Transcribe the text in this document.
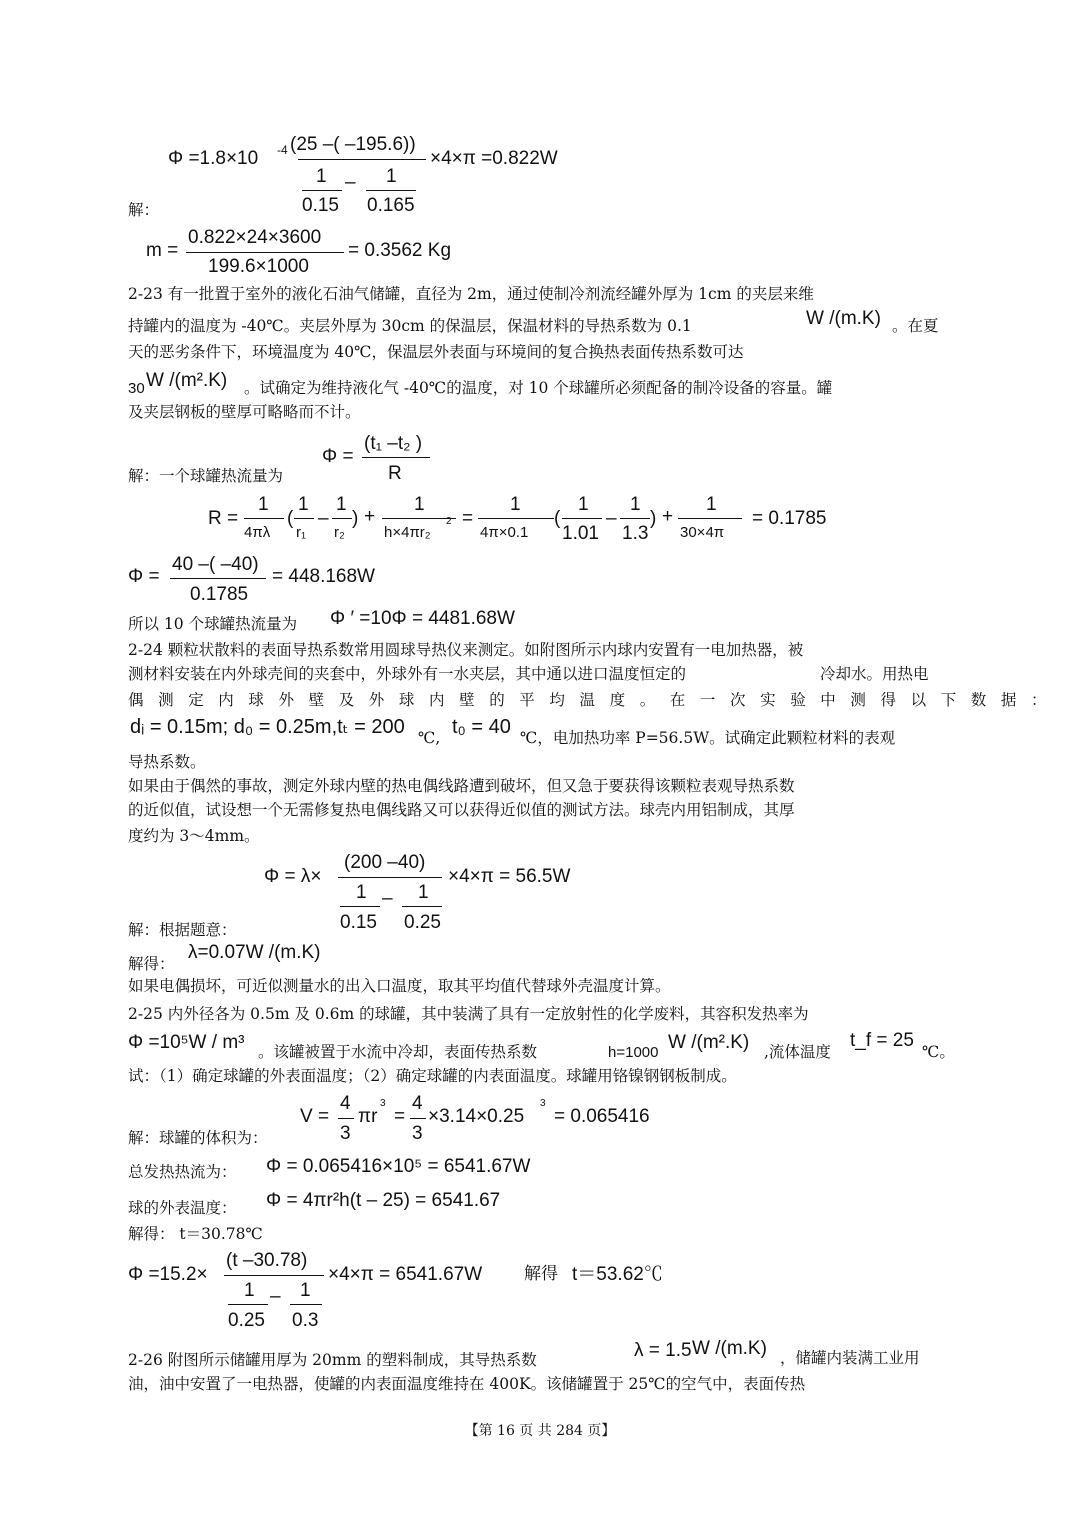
Φ =1.8×10 -4 (25 –( –195.6))
1
0.15
– 1
0.165
×4×π =0.822W
解：
m =
0.822×24×3600
199.6×1000
= 0.3562 Kg
2-23 有一批置于室外的液化石油气储罐，直径为 2m，通过使制冷剂流经罐外厚为 1cm 的夹层来维
持罐内的温度为 -40℃。夹层外厚为 30cm 的保温层，保温材料的导热系数为 0.1	W /(m.K) 。在夏
天的恶劣条件下，环境温度为 40℃，保温层外表面与环境间的复合换热表面传热系数可达
30 W /(m².K) 。试确定为维持液化气 -40℃的温度，对 10 个球罐所必须配备的制冷设备的容量。罐
及夹层钢板的壁厚可略略而不计。
解：一个球罐热流量为
Φ =
(t₁ –t₂ )
R
R =
1
4πλ
(
1
r₁
–
1
r₂
) +
1
h×4πr₂
2 =
1
4π×0.1
(
1
1.01
–
1
1.3
) +
1
30×4π
= 0.1785
Φ =
40 –( –40)
0.1785
= 448.168W
所以 10 个球罐热流量为 Φ ′ =10Φ = 4481.68W
2-24 颗粒状散料的表面导热系数常用圆球导热仪来测定。如附图所示内球内安置有一电加热器，被
测材料安装在内外球壳间的夹套中，外球外有一水夹层，其中通以进口温度恒定的	冷却水。用热电
偶测定内球外壁及外球内壁的平均温度。在一次实验中测得以下数据：
dᵢ = 0.15m; d₀ = 0.25m,tₜ = 200 ℃, t₀ = 40 ℃，电加热功率 P=56.5W。试确定此颗粒材料的表观
导热系数。
如果由于偶然的事故，测定外球内壁的热电偶线路遭到破坏，但又急于要获得该颗粒表观导热系数
的近似值，试设想一个无需修复热电偶线路又可以获得近似值的测试方法。球壳内用铝制成，其厚
度约为 3～4mm。
Φ = λ×
(200 –40)
1
0.15
– 1
0.25
×4×π = 56.5W
解：根据题意：
解得：
λ=0.07W /(m.K)
如果电偶损坏，可近似测量水的出入口温度，取其平均值代替球外壳温度计算。
2-25 内外径各为 0.5m 及 0.6m 的球罐，其中装满了具有一定放射性的化学废料，其容积发热率为
Φ =10⁵W / m³ 。该罐被置于水流中冷却，表面传热系数	h=1000 W /(m².K) ,流体温度
t_f = 25
℃。
试：（1）确定球罐的外表面温度；（2）确定球罐的内表面温度。球罐用铬镍钢钢板制成。
解：球罐的体积为：
V =
4
3
πr
3
=
4
3
×3.14×0.25
3
= 0.065416
总发热热流为： Φ = 0.065416×10⁵ = 6541.67W
球的外表温度： Φ = 4πr²h(t – 25) = 6541.67
解得： t＝30.78℃
Φ =15.2×
(t –30.78)
1
0.25
– 1
0.3
×4×π = 6541.67W 解得 t＝53.62℃
2-26 附图所示储罐用厚为 20mm 的塑料制成，其导热系数	λ = 1.5 W /(m.K) ，储罐内装满工业用
油，油中安置了一电热器，使罐的内表面温度维持在 400K。该储罐置于 25℃的空气中，表面传热
【第 16 页 共 284 页】
